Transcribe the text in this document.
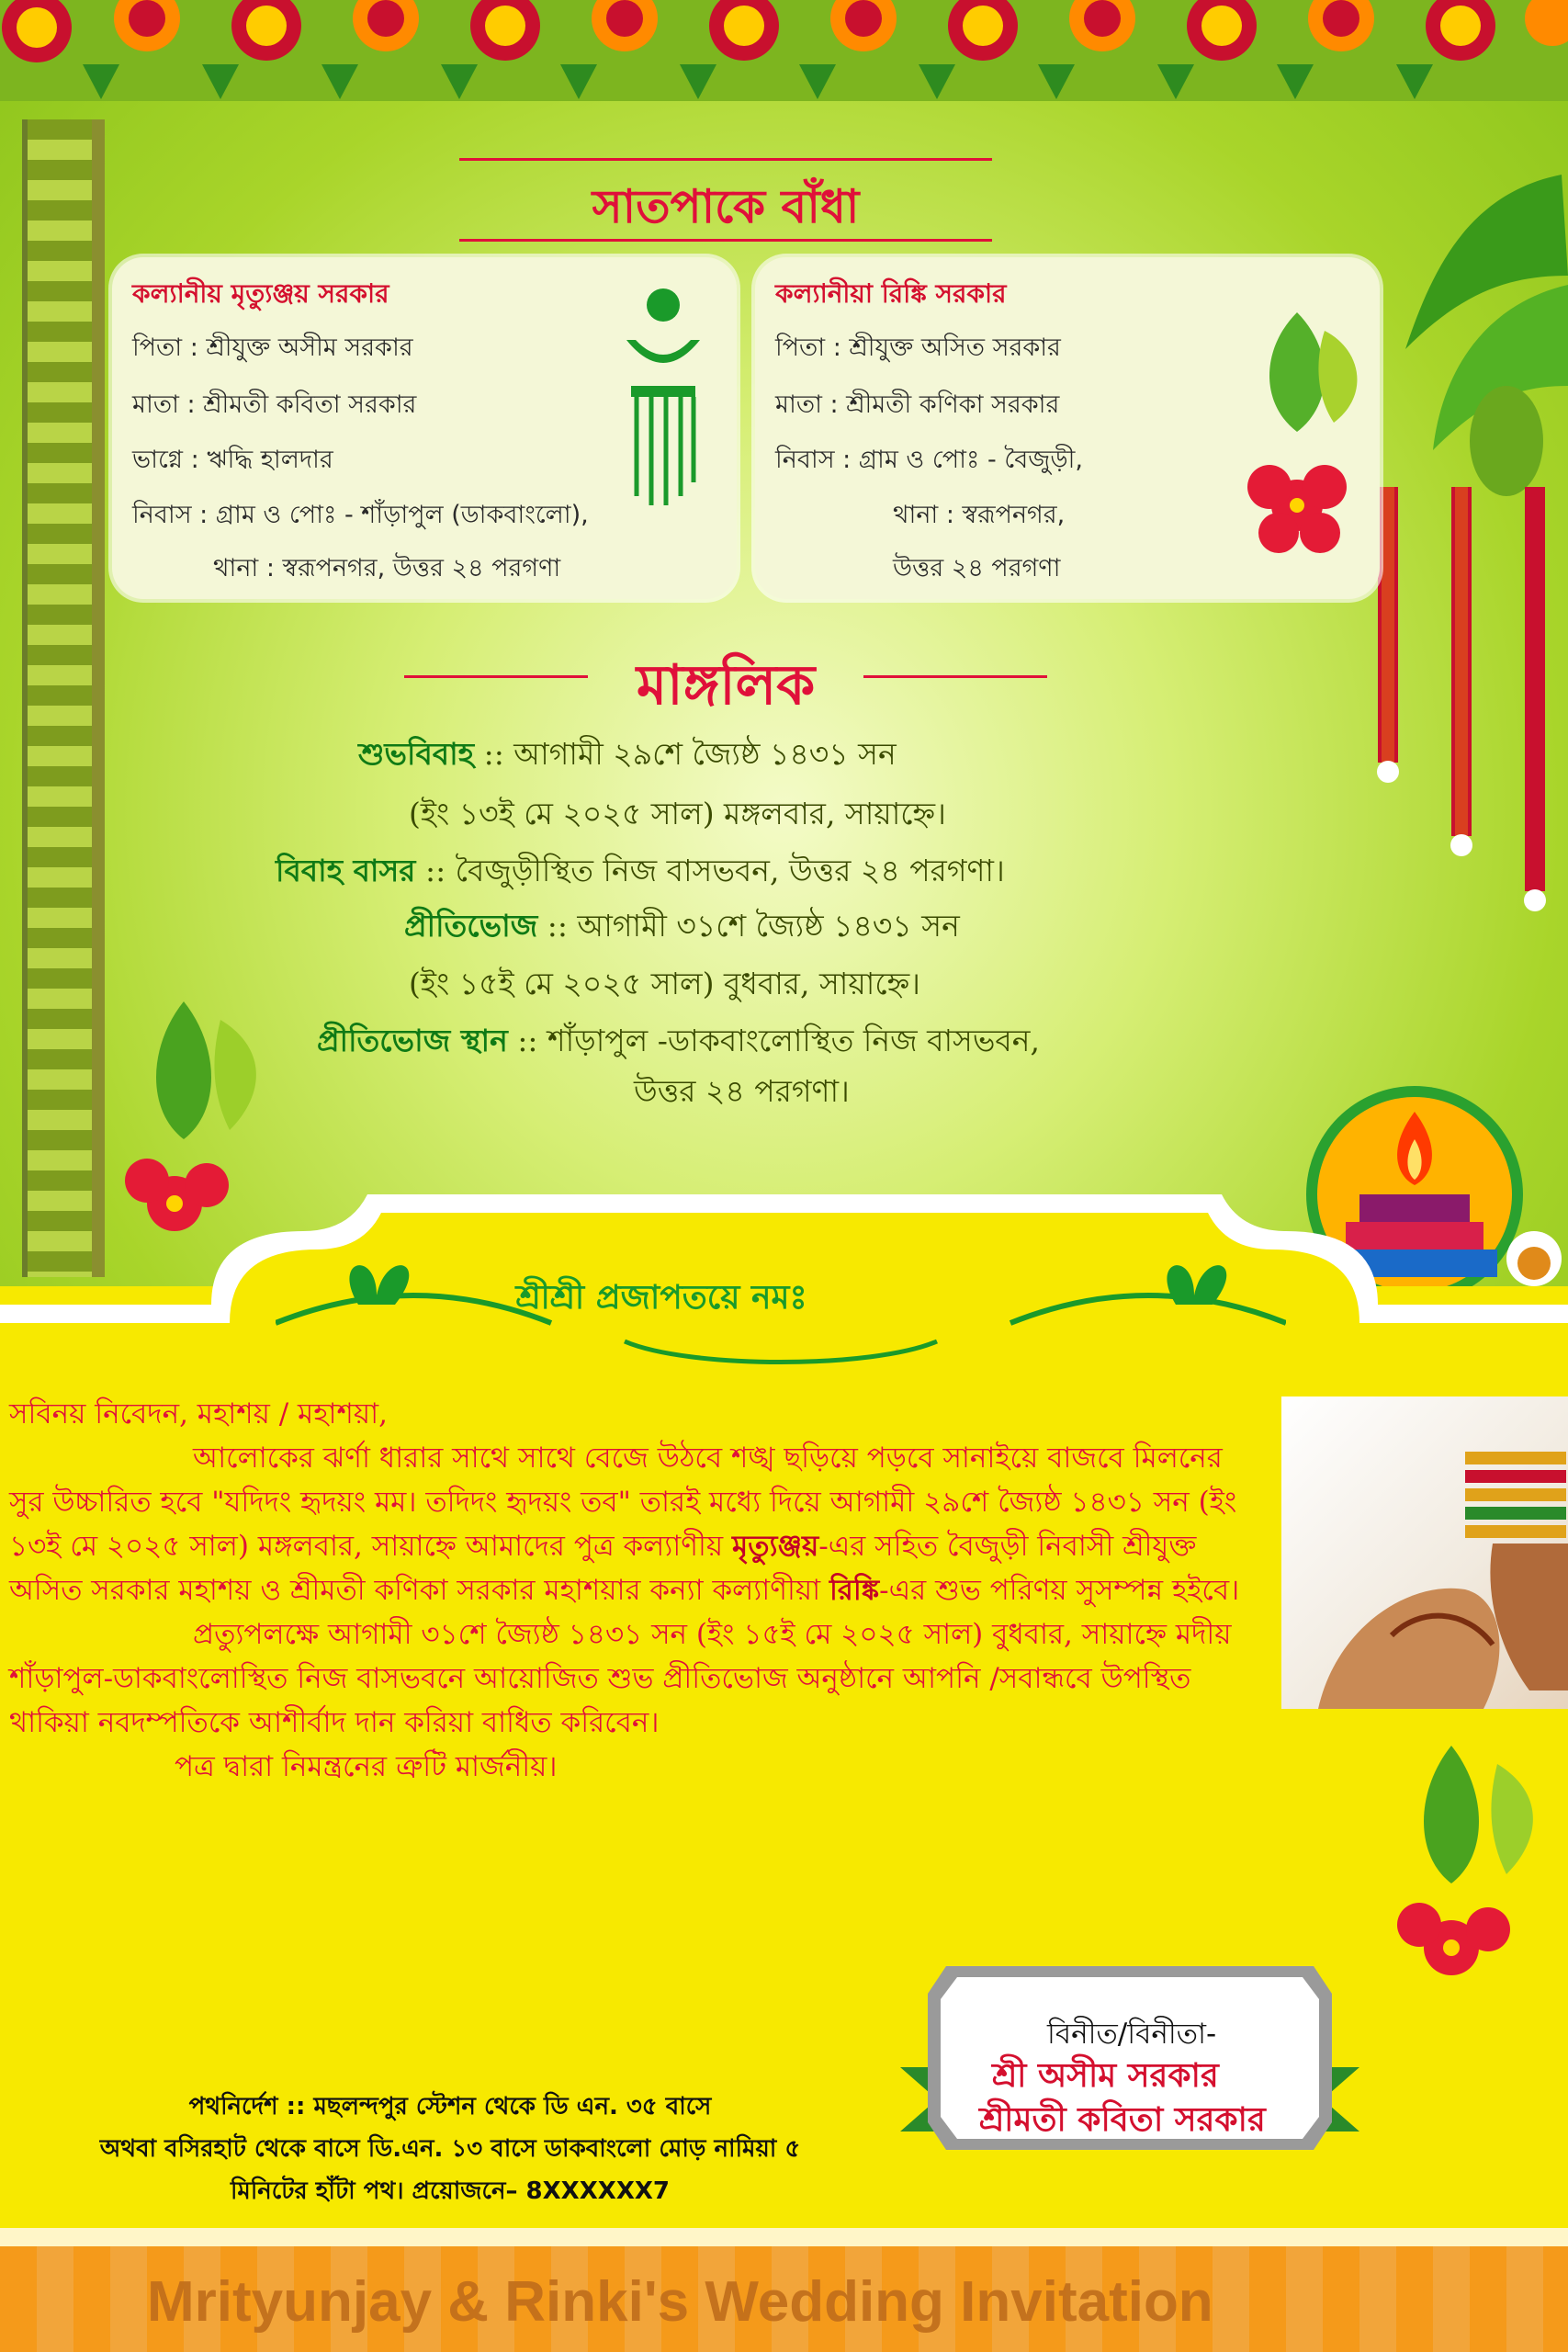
সাতপাকে বাঁধা
কল্যানীয় মৃত্যুঞ্জয় সরকার
পিতা : শ্রীযুক্ত অসীম সরকার
মাতা : শ্রীমতী কবিতা সরকার
ভাগ্নে : ঋদ্ধি হালদার
নিবাস : গ্রাম ও পোঃ - শাঁড়াপুল (ডাকবাংলো),
থানা : স্বরূপনগর, উত্তর ২৪ পরগণা
কল্যানীয়া রিঙ্কি সরকার
পিতা : শ্রীযুক্ত অসিত সরকার
মাতা : শ্রীমতী কণিকা সরকার
নিবাস : গ্রাম ও পোঃ - বৈজুড়ী,
থানা : স্বরূপনগর,
উত্তর ২৪ পরগণা
মাঙ্গলিক
শুভবিবাহ :: আগামী ২৯শে জ্যৈষ্ঠ ১৪৩১ সন
(ইং ১৩ই মে ২০২৫ সাল) মঙ্গলবার, সায়াহ্নে।
বিবাহ বাসর :: বৈজুড়ীস্থিত নিজ বাসভবন, উত্তর ২৪ পরগণা।
প্রীতিভোজ :: আগামী ৩১শে জ্যৈষ্ঠ ১৪৩১ সন
(ইং ১৫ই মে ২০২৫ সাল) বুধবার, সায়াহ্নে।
প্রীতিভোজ স্থান :: শাঁড়াপুল -ডাকবাংলোস্থিত নিজ বাসভবন,
উত্তর ২৪ পরগণা।
শ্রীশ্রী প্রজাপতয়ে নমঃ

সবিনয় নিবেদন, মহাশয় / মহাশয়া,

আলোকের ঝর্ণা ধারার সাথে সাথে বেজে উঠবে শঙ্খ ছড়িয়ে পড়বে সানাইয়ে বাজবে মিলনের সুর উচ্চারিত হবে "যদিদং হৃদয়ং মম। তদিদং হৃদয়ং তব" তারই মধ্যে দিয়ে আগামী ২৯শে জ্যৈষ্ঠ ১৪৩১ সন (ইং ১৩ই মে ২০২৫ সাল) মঙ্গলবার, সায়াহ্নে আমাদের পুত্র কল্যাণীয় মৃত্যুঞ্জয়-এর সহিত বৈজুড়ী নিবাসী শ্রীযুক্ত অসিত সরকার মহাশয় ও শ্রীমতী কণিকা সরকার মহাশয়ার কন্যা কল্যাণীয়া রিঙ্কি-এর শুভ পরিণয় সুসম্পন্ন হইবে।

প্রত্যুপলক্ষে আগামী ৩১শে জ্যৈষ্ঠ ১৪৩১ সন (ইং ১৫ই মে ২০২৫ সাল) বুধবার, সায়াহ্নে মদীয় শাঁড়াপুল-ডাকবাংলোস্থিত নিজ বাসভবনে আয়োজিত শুভ প্রীতিভোজ অনুষ্ঠানে আপনি /সবান্ধবে উপস্থিত থাকিয়া নবদম্পতিকে আশীর্বাদ দান করিয়া বাধিত করিবেন।

পত্র দ্বারা নিমন্ত্রনের ত্রুটি মার্জনীয়।

বিনীত/বিনীতা-
শ্রী অসীম সরকার
শ্রীমতী কবিতা সরকার
পথনির্দেশ :: মছলন্দপুর স্টেশন থেকে ডি এন. ৩৫ বাসে
অথবা বসিরহাট থেকে বাসে ডি.এন. ১৩ বাসে ডাকবাংলো মোড় নামিয়া ৫
মিনিটের হাঁটা পথ। প্রয়োজনে– 8XXXXXX7
Mrityunjay & Rinki's Wedding Invitation
